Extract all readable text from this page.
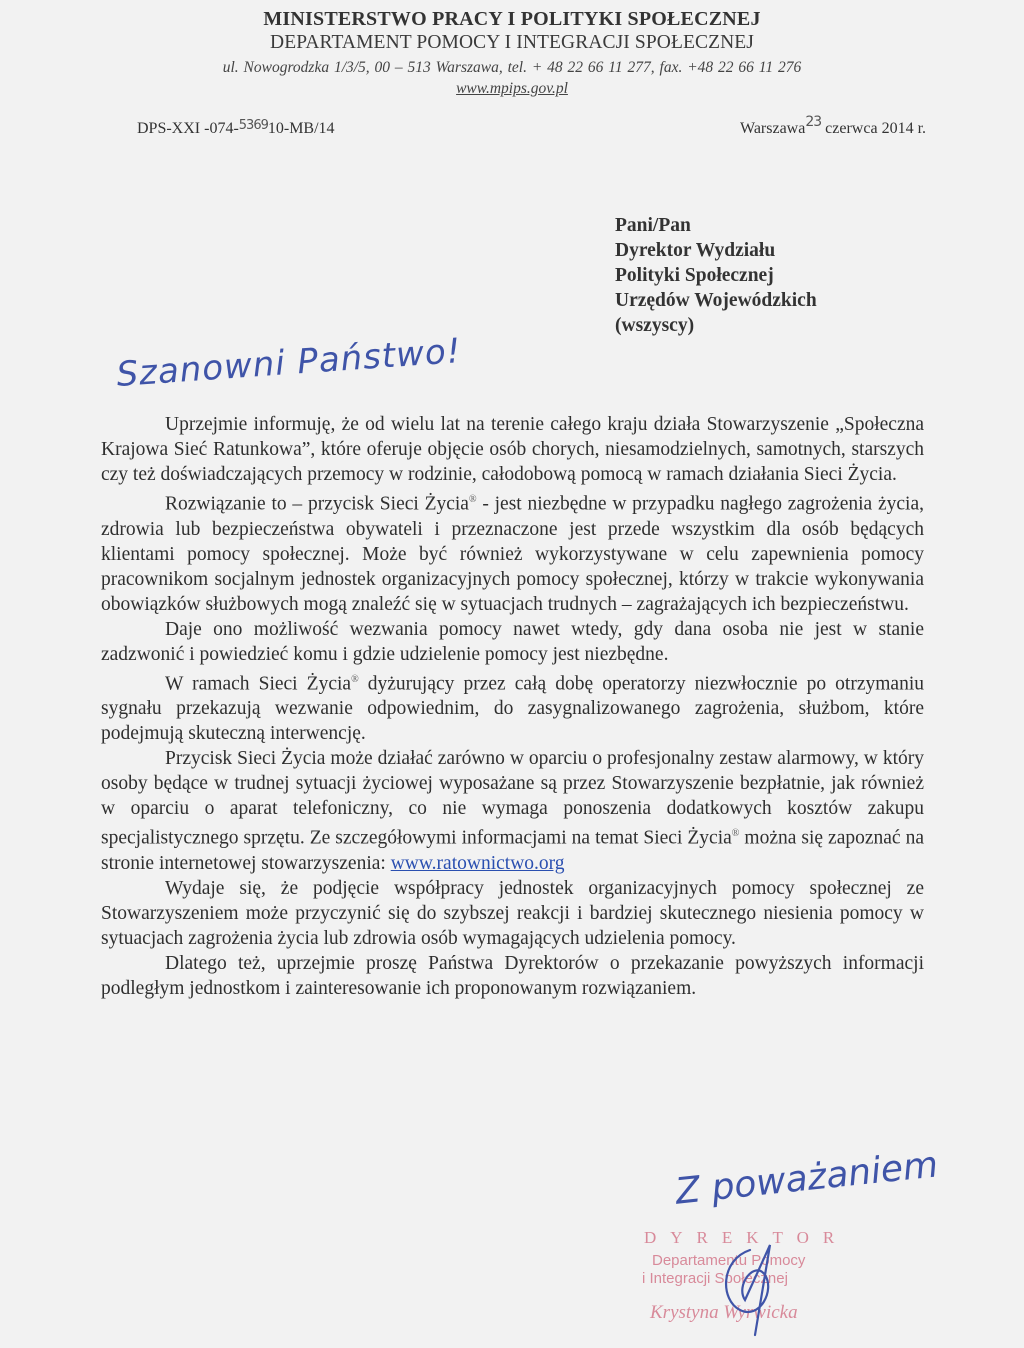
MINISTERSTWO PRACY I POLITYKI SPOŁECZNEJ
DEPARTAMENT POMOCY I INTEGRACJI SPOŁECZNEJ
ul. Nowogrodzka 1/3/5, 00 – 513 Warszawa, tel. + 48 22 66 11 277, fax. +48 22 66 11 276
www.mpips.gov.pl
DPS-XXI -074-$^{5369}$10-MB/14	Warszawa23 czerwca 2014 r.
Pani/Pan
Dyrektor Wydziału
Polityki Społecznej
Urzędów Wojewódzkich
(wszyscy)
Szanowni Państwo!

Uprzejmie informuję, że od wielu lat na terenie całego kraju działa Stowarzyszenie „Społeczna Krajowa Sieć Ratunkowa”, które oferuje objęcie osób chorych, niesamodzielnych, samotnych, starszych czy też doświadczających przemocy w rodzinie, całodobową pomocą w ramach działania Sieci Życia.

Rozwiązanie to – przycisk Sieci Życia® - jest niezbędne w przypadku nagłego zagrożenia życia, zdrowia lub bezpieczeństwa obywateli i przeznaczone jest przede wszystkim dla osób będących klientami pomocy społecznej. Może być również wykorzystywane w celu zapewnienia pomocy pracownikom socjalnym jednostek organizacyjnych pomocy społecznej, którzy w trakcie wykonywania obowiązków służbowych mogą znaleźć się w sytuacjach trudnych – zagrażających ich bezpieczeństwu.

Daje ono możliwość wezwania pomocy nawet wtedy, gdy dana osoba nie jest w stanie zadzwonić i powiedzieć komu i gdzie udzielenie pomocy jest niezbędne.

W ramach Sieci Życia® dyżurujący przez całą dobę operatorzy niezwłocznie po otrzymaniu sygnału przekazują wezwanie odpowiednim, do zasygnalizowanego zagrożenia, służbom, które podejmują skuteczną interwencję.

Przycisk Sieci Życia może działać zarówno w oparciu o profesjonalny zestaw alarmowy, w który osoby będące w trudnej sytuacji życiowej wyposażane są przez Stowarzyszenie bezpłatnie, jak również w oparciu o aparat telefoniczny, co nie wymaga ponoszenia dodatkowych kosztów zakupu specjalistycznego sprzętu. Ze szczegółowymi informacjami na temat Sieci Życia® można się zapoznać na stronie internetowej stowarzyszenia: www.ratownictwo.org

Wydaje się, że podjęcie współpracy jednostek organizacyjnych pomocy społecznej ze Stowarzyszeniem może przyczynić się do szybszej reakcji i bardziej skutecznego niesienia pomocy w sytuacjach zagrożenia życia lub zdrowia osób wymagających udzielenia pomocy.

Dlatego też, uprzejmie proszę Państwa Dyrektorów o przekazanie powyższych informacji podległym jednostkom i zainteresowanie ich proponowanym rozwiązaniem.

Z poważaniem
DYREKTOR
Departamentu Pomocy
i Integracji Społecznej
Krystyna Wyrwicka
